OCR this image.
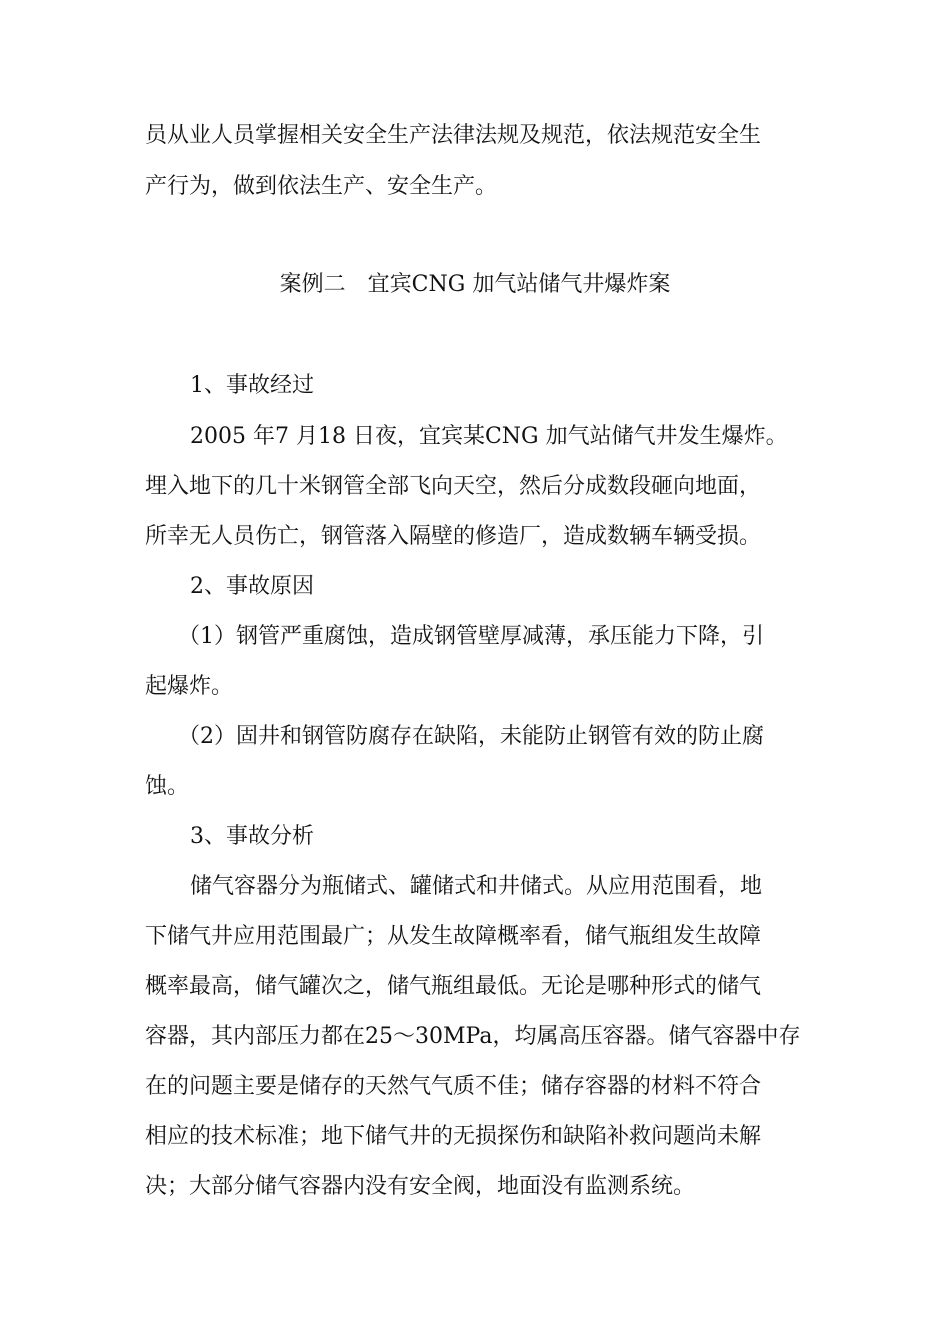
员从业人员掌握相关安全生产法律法规及规范，依法规范安全生
产行为，做到依法生产、安全生产。
案例二　宜宾CNG 加气站储气井爆炸案
1、事故经过
2005 年7 月18 日夜，宜宾某CNG 加气站储气井发生爆炸。
埋入地下的几十米钢管全部飞向天空，然后分成数段砸向地面，
所幸无人员伤亡，钢管落入隔壁的修造厂，造成数辆车辆受损。
2、事故原因
（1）钢管严重腐蚀，造成钢管壁厚减薄，承压能力下降，引
起爆炸。
（2）固井和钢管防腐存在缺陷，未能防止钢管有效的防止腐
蚀。
3、事故分析
储气容器分为瓶储式、罐储式和井储式。从应用范围看，地
下储气井应用范围最广；从发生故障概率看，储气瓶组发生故障
概率最高，储气罐次之，储气瓶组最低。无论是哪种形式的储气
容器，其内部压力都在25～30MPa，均属高压容器。储气容器中存
在的问题主要是储存的天然气气质不佳；储存容器的材料不符合
相应的技术标准；地下储气井的无损探伤和缺陷补救问题尚未解
决；大部分储气容器内没有安全阀，地面没有监测系统。
